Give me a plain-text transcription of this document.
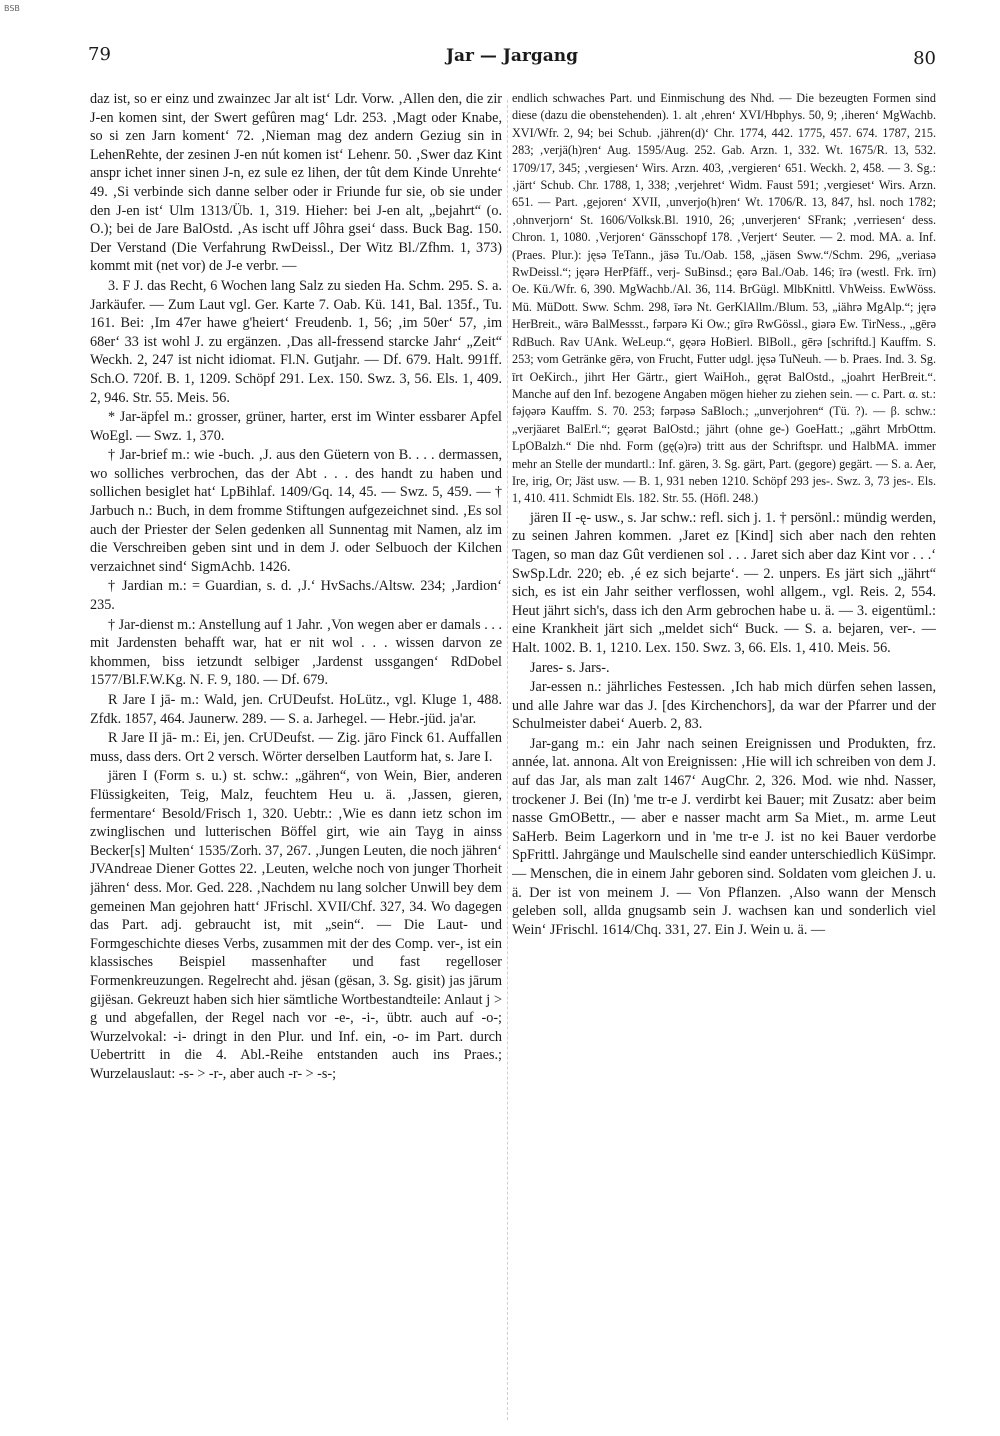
BSB
79	Jar — Jargang	80

daz ist, so er einz und zwainzec Jar alt ist‘ Ldr. Vorw. ‚Allen den, die zir J-en komen sint, der Swert gefûren mag‘ Ldr. 253. ‚Magt oder Knabe, so si zen Jarn koment‘ 72. ‚Nieman mag dez andern Geziug sin in LehenRehte, der zesinen J-en nút komen ist‘ Lehenr. 50. ‚Swer daz Kint anspr ichet inner sinen J-n, ez sule ez lihen, der tût dem Kinde Unrehte‘ 49. ‚Si verbinde sich danne selber oder ir Friunde fur sie, ob sie under den J-en ist‘ Ulm 1313/Üb. 1, 319. Hieher: bei J-en alt, „bejahrt“ (o. O.); bei de Jare BalOstd. ‚As ischt uff Jôhra gsei‘ dass. Buck Bag. 150. Der Verstand (Die Verfahrung RwDeissl., Der Witz Bl./Zfhm. 1, 373) kommt mit (net vor) de J-e verbr. —

3. F J. das Recht, 6 Wochen lang Salz zu sieden Ha. Schm. 295. S. a. Jarkäufer. — Zum Laut vgl. Ger. Karte 7. Oab. Kü. 141, Bal. 135f., Tu. 161. Bei: ‚Im 47er hawe g'heiert‘ Freudenb. 1, 56; ‚im 50er‘ 57, ‚im 68er‘ 33 ist wohl J. zu ergänzen. ‚Das all-fressend starcke Jahr‘ „Zeit“ Weckh. 2, 247 ist nicht idiomat. Fl.N. Gutjahr. — Df. 679. Halt. 991ff. Sch.O. 720f. B. 1, 1209. Schöpf 291. Lex. 150. Swz. 3, 56. Els. 1, 409. 2, 946. Str. 55. Meis. 56.

* Jar-äpfel m.: grosser, grüner, harter, erst im Winter essbarer Apfel WoEgl. — Swz. 1, 370.

† Jar-brief m.: wie -buch. ‚J. aus den Güetern von B. . . . dermassen, wo solliches verbrochen, das der Abt . . . des handt zu haben und sollichen besiglet hat‘ LpBihlaf. 1409/Gq. 14, 45. — Swz. 5, 459. — † Jarbuch n.: Buch, in dem fromme Stiftungen aufgezeichnet sind. ‚Es sol auch der Priester der Selen gedenken all Sunnentag mit Namen, alz im die Verschreiben geben sint und in dem J. oder Selbuoch der Kilchen verzaichnet sind‘ SigmAchb. 1426.

† Jardian m.: = Guardian, s. d. ‚J.‘ HvSachs./Altsw. 234; ‚Jardion‘ 235.

† Jar-dienst m.: Anstellung auf 1 Jahr. ‚Von wegen aber er damals . . . mit Jardensten behafft war, hat er nit wol . . . wissen darvon ze khommen, biss ietzundt selbiger ‚Jardenst ussgangen‘ RdDobel 1577/Bl.F.W.Kg. N. F. 9, 180. — Df. 679.

R Jare I jā- m.: Wald, jen. CrUDeufst. HoLütz., vgl. Kluge 1, 488. Zfdk. 1857, 464. Jaunerw. 289. — S. a. Jarhegel. — Hebr.-jüd. ja'ar.

R Jare II jā- m.: Ei, jen. CrUDeufst. — Zig. jāro Finck 61. Auffallen muss, dass ders. Ort 2 versch. Wörter derselben Lautform hat, s. Jare I.

jären I (Form s. u.) st. schw.: „gähren“, von Wein, Bier, anderen Flüssigkeiten, Teig, Malz, feuchtem Heu u. ä. ‚Jassen, gieren, fermentare‘ Besold/Frisch 1, 320. Uebtr.: ‚Wie es dann ietz schon im zwinglischen und lutterischen Böffel girt, wie ain Tayg in ainss Becker[s] Multen‘ 1535/Zorh. 37, 267. ‚Jungen Leuten, die noch jähren‘ JVAndreae Diener Gottes 22. ‚Leuten, welche noch von junger Thorheit jähren‘ dess. Mor. Ged. 228. ‚Nachdem nu lang solcher Unwill bey dem gemeinen Man gejohren hatt‘ JFrischl. XVII/Chf. 327, 34. Wo dagegen das Part. adj. gebraucht ist, mit „sein“. — Die Laut- und Formgeschichte dieses Verbs, zusammen mit der des Comp. ver-, ist ein klassisches Beispiel massenhafter und fast regelloser Formenkreuzungen. Regelrecht ahd. jësan (gësan, 3. Sg. gisit) jas jārum gijësan. Gekreuzt haben sich hier sämtliche Wortbestandteile: Anlaut j > g und abgefallen, der Regel nach vor -e-, -i-, übtr. auch auf -o-; Wurzelvokal: -i- dringt in den Plur. und Inf. ein, -o- im Part. durch Uebertritt in die 4. Abl.-Reihe entstanden auch ins Praes.; Wurzelauslaut: -s- > -r-, aber auch -r- > -s-;

endlich schwaches Part. und Einmischung des Nhd. — Die bezeugten Formen sind diese (dazu die obenstehenden). 1. alt ‚ehren‘ XVI/Hbphys. 50, 9; ‚iheren‘ MgWachb. XVI/Wfr. 2, 94; bei Schub. ‚jähren(d)‘ Chr. 1774, 442. 1775, 457. 674. 1787, 215. 283; ‚verjä(h)ren‘ Aug. 1595/Aug. 252. Gab. Arzn. 1, 332. Wt. 1675/R. 13, 532. 1709/17, 345; ‚vergiesen‘ Wirs. Arzn. 403, ‚vergieren‘ 651. Weckh. 2, 458. — 3. Sg.: ‚järt‘ Schub. Chr. 1788, 1, 338; ‚verjehret‘ Widm. Faust 591; ‚vergieset‘ Wirs. Arzn. 651. — Part. ‚gejoren‘ XVII, ‚unverjo(h)ren‘ Wt. 1706/R. 13, 847, hsl. noch 1782; ‚ohnverjorn‘ St. 1606/Volksk.Bl. 1910, 26; ‚unverjeren‘ SFrank; ‚verriesen‘ dess. Chron. 1, 1080. ‚Verjoren‘ Gänsschopf 178. ‚Verjert‘ Seuter. — 2. mod. MA. a. Inf. (Praes. Plur.): jęsə TeTann., jäsə Tu./Oab. 158, „jäsen Sww.“/Schm. 296, „veriasə RwDeissl.“; jęərə HerPfäff., verj- SuBinsd.; ęərə Bal./Oab. 146; īrə (westl. Frk. īrn) Oe. Kü./Wfr. 6, 390. MgWachb./Al. 36, 114. BrGügl. MlbKnittl. VhWeiss. EwWöss. Mü. MüDott. Sww. Schm. 298, īərə Nt. GerKlAllm./Blum. 53, „iährə MgAlp.“; jęrə HerBreit., wārə BalMessst., fərpərə Ki Ow.; gīrə RwGössl., giərə Ew. TirNess., „gērə RdBuch. Rav UAnk. WeLeup.“, gęərə HoBierl. BlBoll., gērə [schriftd.] Kauffm. S. 253; vom Getränke gērə, von Frucht, Futter udgl. jęsə TuNeuh. — b. Praes. Ind. 3. Sg. īrt OeKirch., jihrt Her Gärtr., giert WaiHoh., gęrət BalOstd., „joahrt HerBreit.“. Manche auf den Inf. bezogene Angaben mögen hieher zu ziehen sein. — c. Part. α. st.: fəjǫərə Kauffm. S. 70. 253; fərpəsə SaBloch.; „unverjohren“ (Tü. ?). — β. schw.: „verjäaret BalErl.“; gęərət BalOstd.; jährt (ohne ge-) GoeHatt.; „gährt MrbOttm. LpOBalzh.“ Die nhd. Form (gę(ə)rə) tritt aus der Schriftspr. und HalbMA. immer mehr an Stelle der mundartl.: Inf. gären, 3. Sg. gärt, Part. (gegore) gegärt. — S. a. Aer, Ire, irig, Or; Jäst usw. — B. 1, 931 neben 1210. Schöpf 293 jes-. Swz. 3, 73 jes-. Els. 1, 410. 411. Schmidt Els. 182. Str. 55. (Höfl. 248.)

jären II -ę- usw., s. Jar schw.: refl. sich j. 1. † persönl.: mündig werden, zu seinen Jahren kommen. ‚Jaret ez [Kind] sich aber nach den rehten Tagen, so man daz Gût verdienen sol . . . Jaret sich aber daz Kint vor . . .‘ SwSp.Ldr. 220; eb. ‚é ez sich bejarte‘. — 2. unpers. Es järt sich „jährt“ sich, es ist ein Jahr seither verflossen, wohl allgem., vgl. Reis. 2, 554. Heut jährt sich's, dass ich den Arm gebrochen habe u. ä. — 3. eigentüml.: eine Krankheit järt sich „meldet sich“ Buck. — S. a. bejaren, ver-. — Halt. 1002. B. 1, 1210. Lex. 150. Swz. 3, 66. Els. 1, 410. Meis. 56.

Jares- s. Jars-.

Jar-essen n.: jährliches Festessen. ‚Ich hab mich dürfen sehen lassen, und alle Jahre war das J. [des Kirchenchors], da war der Pfarrer und der Schulmeister dabei‘ Auerb. 2, 83.

Jar-gang m.: ein Jahr nach seinen Ereignissen und Produkten, frz. année, lat. annona. Alt von Ereignissen: ‚Hie will ich schreiben von dem J. auf das Jar, als man zalt 1467‘ AugChr. 2, 326. Mod. wie nhd. Nasser, trockener J. Bei (In) 'me tr-e J. verdirbt kei Bauer; mit Zusatz: aber beim nasse GmOBettr., — aber e nasser macht arm Sa Miet., m. arme Leut SaHerb. Beim Lagerkorn und in 'me tr-e J. ist no kei Bauer verdorbe SpFrittl. Jahrgänge und Maulschelle sind eander unterschiedlich KüSimpr. — Menschen, die in einem Jahr geboren sind. Soldaten vom gleichen J. u. ä. Der ist von meinem J. — Von Pflanzen. ‚Also wann der Mensch geleben soll, allda gnugsamb sein J. wachsen kan und sonderlich viel Wein‘ JFrischl. 1614/Chq. 331, 27. Ein J. Wein u. ä. —
